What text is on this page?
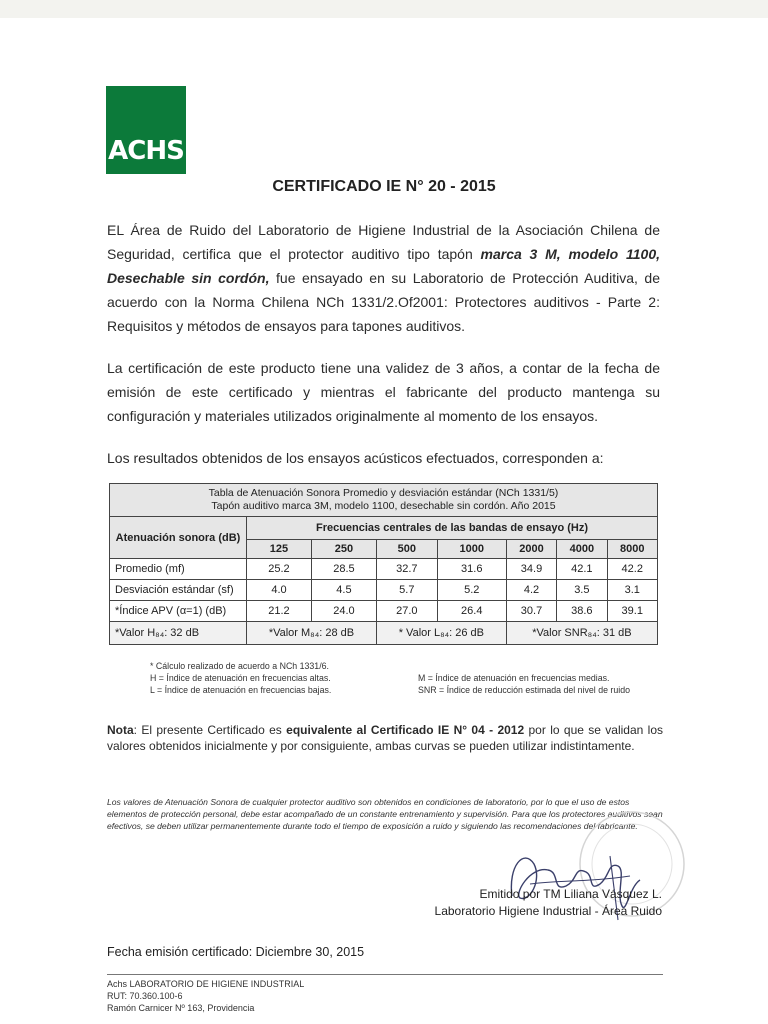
ACHS
CERTIFICADO IE N° 20 - 2015
EL Área de Ruido del Laboratorio de Higiene Industrial de la Asociación Chilena de Seguridad, certifica que el protector auditivo tipo tapón marca 3 M, modelo 1100, Desechable sin cordón, fue ensayado en su Laboratorio de Protección Auditiva, de acuerdo con la Norma Chilena NCh 1331/2.Of2001: Protectores auditivos - Parte 2: Requisitos y métodos de ensayos para tapones auditivos.
La certificación de este producto tiene una validez de 3 años, a contar de la fecha de emisión de este certificado y mientras el fabricante del producto mantenga su configuración y materiales utilizados originalmente al momento de los ensayos.
Los resultados obtenidos de los ensayos acústicos efectuados, corresponden a:
Tabla de Atenuación Sonora Promedio y desviación estándar (NCh 1331/5)
Tapón auditivo marca 3M, modelo 1100, desechable sin cordón. Año 2015							

Atenuación sonora (dB)	Frecuencias centrales de las bandas de ensayo (Hz)						
	125	250	500	1000	2000	4000	8000
Promedio (mf)	25.2	28.5	32.7	31.6	34.9	42.1	42.2
Desviación estándar (sf)	4.0	4.5	5.7	5.2	4.2	3.5	3.1
*Índice APV (α=1) (dB)	21.2	24.0	27.0	26.4	30.7	38.6	39.1
*Valor H₈₄: 32 dB	*Valor M₈₄: 28 dB		* Valor L₈₄: 26 dB		*Valor SNR₈₄: 31 dB		
* Cálculo realizado de acuerdo a NCh 1331/6.
H = Índice de atenuación en frecuencias altas.
L = Índice de atenuación en frecuencias bajas.
M = Índice de atenuación en frecuencias medias.
SNR = Índice de reducción estimada del nivel de ruido
Nota: El presente Certificado es equivalente al Certificado IE N° 04 - 2012 por lo que se validan los valores obtenidos inicialmente y por consiguiente, ambas curvas se pueden utilizar indistintamente.
Los valores de Atenuación Sonora de cualquier protector auditivo son obtenidos en condiciones de laboratorio, por lo que el uso de estos elementos de protección personal, debe estar acompañado de un constante entrenamiento y supervisión. Para que los protectores auditivos sean efectivos, se deben utilizar permanentemente durante todo el tiempo de exposición a ruido y siguiendo las recomendaciones del fabricante.
Emitido por TM Liliana Vásquez L.
Laboratorio Higiene Industrial - Área Ruido
Fecha emisión certificado: Diciembre 30, 2015
Achs LABORATORIO DE HIGIENE INDUSTRIAL
RUT: 70.360.100-6
Ramón Carnicer Nº 163, Providencia
